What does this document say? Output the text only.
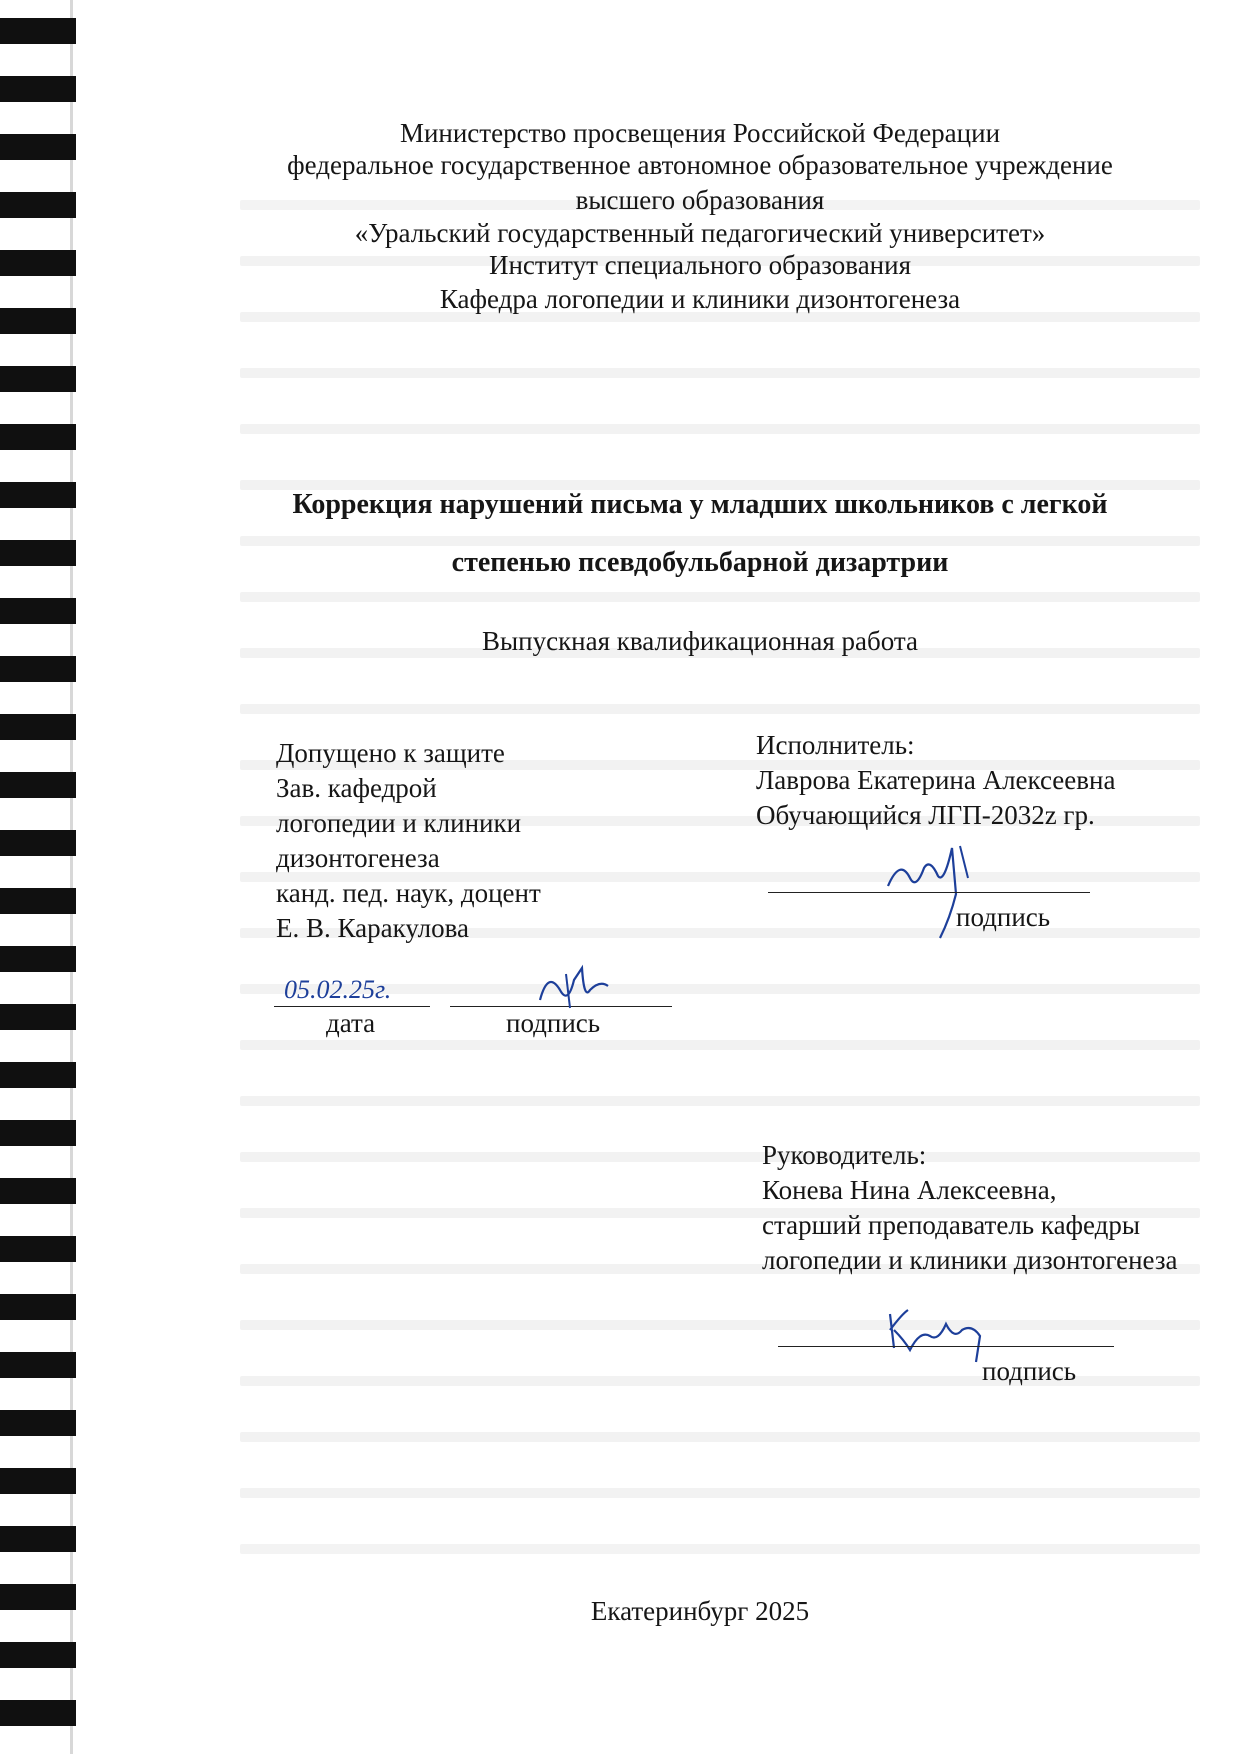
Министерство просвещения Российской Федерации
федеральное государственное автономное образовательное учреждение
высшего образования
«Уральский государственный педагогический университет»
Институт специального образования
Кафедра логопедии и клиники дизонтогенеза
Коррекция нарушений письма у младших школьников с легкой
степенью псевдобульбарной дизартрии
Выпускная квалификационная работа
Допущено к защите
Зав. кафедрой
логопедии и клиники
дизонтогенеза
канд. пед. наук, доцент
Е. В. Каракулова
05.02.25г.
дата	подпись
Исполнитель:
Лаврова Екатерина Алексеевна
Обучающийся ЛГП-2032z гр.
подпись
Руководитель:
Конева Нина Алексеевна,
старший преподаватель кафедры
логопедии и клиники дизонтогенеза
подпись
Екатеринбург 2025
